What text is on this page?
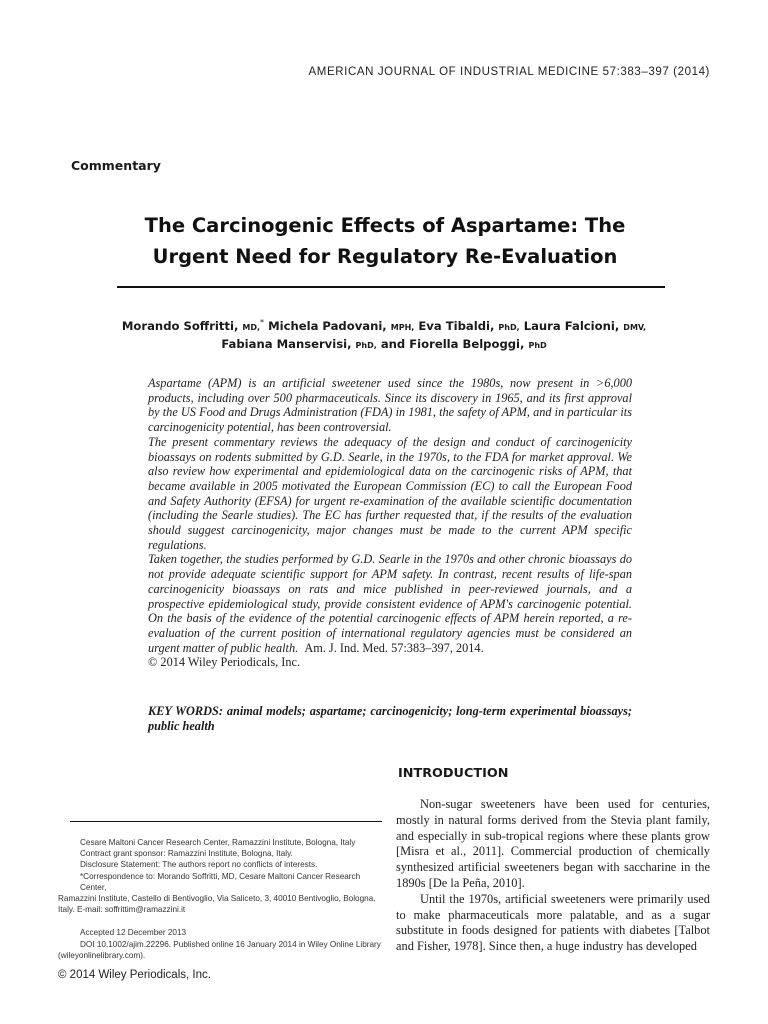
AMERICAN JOURNAL OF INDUSTRIAL MEDICINE 57:383–397 (2014)
Commentary
The Carcinogenic Effects of Aspartame: The
Urgent Need for Regulatory Re-Evaluation
Morando Soffritti, MD,* Michela Padovani, MPH, Eva Tibaldi, PhD, Laura Falcioni, DMV,
Fabiana Manservisi, PhD, and Fiorella Belpoggi, PhD

Aspartame (APM) is an artificial sweetener used since the 1980s, now present in >6,000 products, including over 500 pharmaceuticals. Since its discovery in 1965, and its first approval by the US Food and Drugs Administration (FDA) in 1981, the safety of APM, and in particular its carcinogenicity potential, has been controversial.

The present commentary reviews the adequacy of the design and conduct of carcinogenicity bioassays on rodents submitted by G.D. Searle, in the 1970s, to the FDA for market approval. We also review how experimental and epidemiological data on the carcinogenic risks of APM, that became available in 2005 motivated the European Commission (EC) to call the European Food and Safety Authority (EFSA) for urgent re-examination of the available scientific documentation (including the Searle studies). The EC has further requested that, if the results of the evaluation should suggest carcinogenicity, major changes must be made to the current APM specific regulations.

Taken together, the studies performed by G.D. Searle in the 1970s and other chronic bioassays do not provide adequate scientific support for APM safety. In contrast, recent results of life-span carcinogenicity bioassays on rats and mice published in peer-reviewed journals, and a prospective epidemiological study, provide consistent evidence of APM's carcinogenic potential. On the basis of the evidence of the potential carcinogenic effects of APM herein reported, a re-evaluation of the current position of international regulatory agencies must be considered an urgent matter of public health. Am. J. Ind. Med. 57:383–397, 2014.

© 2014 Wiley Periodicals, Inc.

KEY WORDS: animal models; aspartame; carcinogenicity; long-term experimental bioassays; public health

Cesare Maltoni Cancer Research Center, Ramazzini Institute, Bologna, Italy

Contract grant sponsor: Ramazzini Institute, Bologna, Italy.

Disclosure Statement: The authors report no conflicts of interests.

*Correspondence to: Morando Soffritti, MD, Cesare Maltoni Cancer Research Center,

Ramazzini Institute, Castello di Bentivoglio, Via Saliceto, 3, 40010 Bentivoglio, Bologna,

Italy. E-mail: soffrittim@ramazzini.it

Accepted 12 December 2013

DOI 10.1002/ajim.22296. Published online 16 January 2014 in Wiley Online Library

(wileyonlinelibrary.com).

© 2014 Wiley Periodicals, Inc.
INTRODUCTION

Non-sugar sweeteners have been used for centuries, mostly in natural forms derived from the Stevia plant family, and especially in sub-tropical regions where these plants grow [Misra et al., 2011]. Commercial production of chemically synthesized artificial sweeteners began with saccharine in the 1890s [De la Peña, 2010].

Until the 1970s, artificial sweeteners were primarily used to make pharmaceuticals more palatable, and as a sugar substitute in foods designed for patients with diabetes [Talbot and Fisher, 1978]. Since then, a huge industry has developed
